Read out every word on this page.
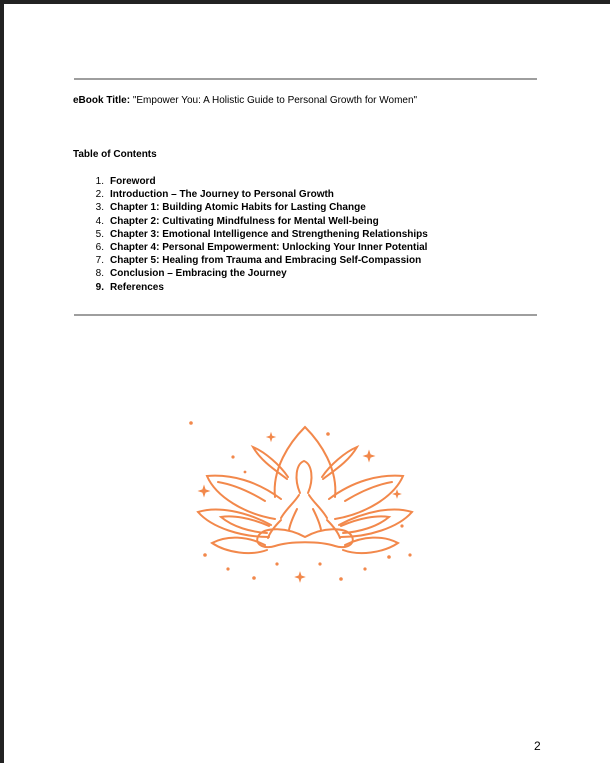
eBook Title: "Empower You: A Holistic Guide to Personal Growth for Women"

Table of Contents
1. Foreword
2. Introduction – The Journey to Personal Growth
3. Chapter 1: Building Atomic Habits for Lasting Change
4. Chapter 2: Cultivating Mindfulness for Mental Well-being
5. Chapter 3: Emotional Intelligence and Strengthening Relationships
6. Chapter 4: Personal Empowerment: Unlocking Your Inner Potential
7. Chapter 5: Healing from Trauma and Embracing Self-Compassion
8. Conclusion – Embracing the Journey
9. References
2
